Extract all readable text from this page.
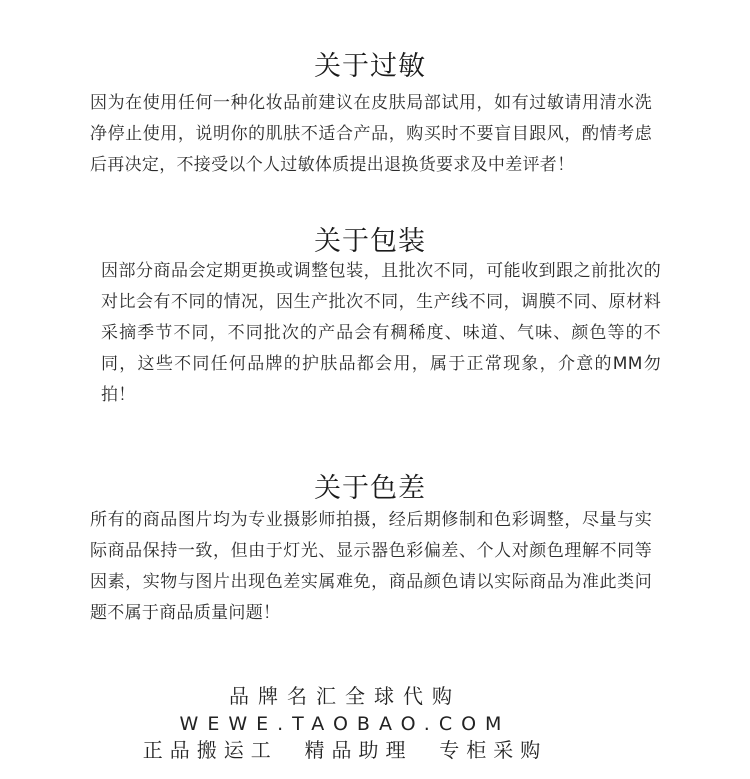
关于过敏

因为在使用任何一种化妆品前建议在皮肤局部试用，如有过敏请用清水洗净停止使用，说明你的肌肤不适合产品，购买时不要盲目跟风，酌情考虑后再决定，不接受以个人过敏体质提出退换货要求及中差评者！

关于包装

因部分商品会定期更换或调整包装，且批次不同，可能收到跟之前批次的对比会有不同的情况，因生产批次不同，生产线不同，调膜不同、原材料采摘季节不同，不同批次的产品会有稠稀度、味道、气味、颜色等的不同，这些不同任何品牌的护肤品都会用，属于正常现象，介意的MM勿拍！

关于色差

所有的商品图片均为专业摄影师拍摄，经后期修制和色彩调整，尽量与实际商品保持一致，但由于灯光、显示器色彩偏差、个人对颜色理解不同等因素，实物与图片出现色差实属难免，商品颜色请以实际商品为准此类问题不属于商品质量问题！

品牌名汇全球代购
WEWE.TAOBAO.COM
正品搬运工  精品助理  专柜采购
